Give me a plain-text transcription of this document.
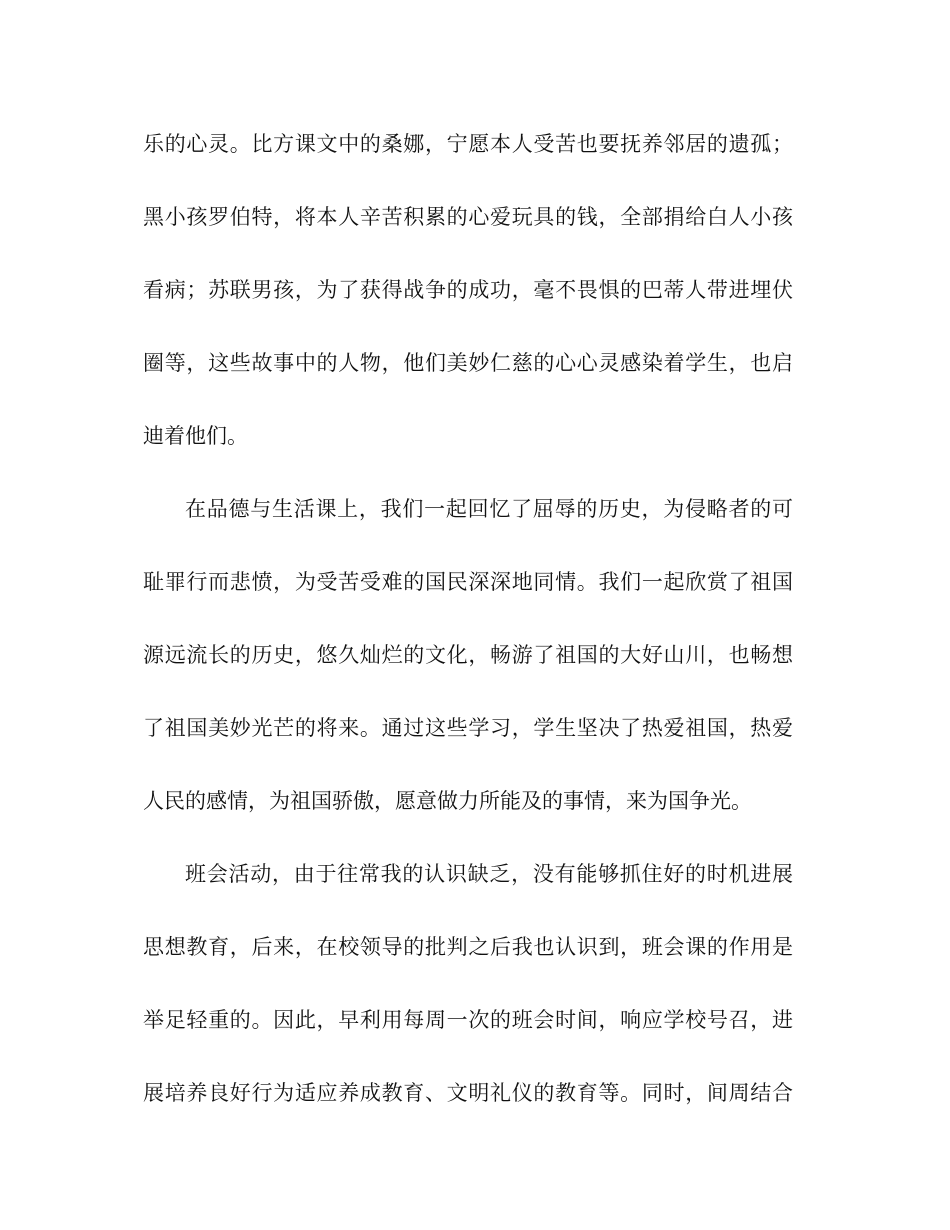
乐的心灵。比方课文中的桑娜，宁愿本人受苦也要抚养邻居的遗孤；
黑小孩罗伯特，将本人辛苦积累的心爱玩具的钱，全部捐给白人小孩
看病；苏联男孩，为了获得战争的成功，毫不畏惧的巴蒂人带进埋伏
圈等，这些故事中的人物，他们美妙仁慈的心心灵感染着学生，也启
迪着他们。
在品德与生活课上，我们一起回忆了屈辱的历史，为侵略者的可
耻罪行而悲愤，为受苦受难的国民深深地同情。我们一起欣赏了祖国
源远流长的历史，悠久灿烂的文化，畅游了祖国的大好山川，也畅想
了祖国美妙光芒的将来。通过这些学习，学生坚决了热爱祖国，热爱
人民的感情，为祖国骄傲，愿意做力所能及的事情，来为国争光。
班会活动，由于往常我的认识缺乏，没有能够抓住好的时机进展
思想教育，后来，在校领导的批判之后我也认识到，班会课的作用是
举足轻重的。因此，早利用每周一次的班会时间，响应学校号召，进
展培养良好行为适应养成教育、文明礼仪的教育等。同时，间周结合
